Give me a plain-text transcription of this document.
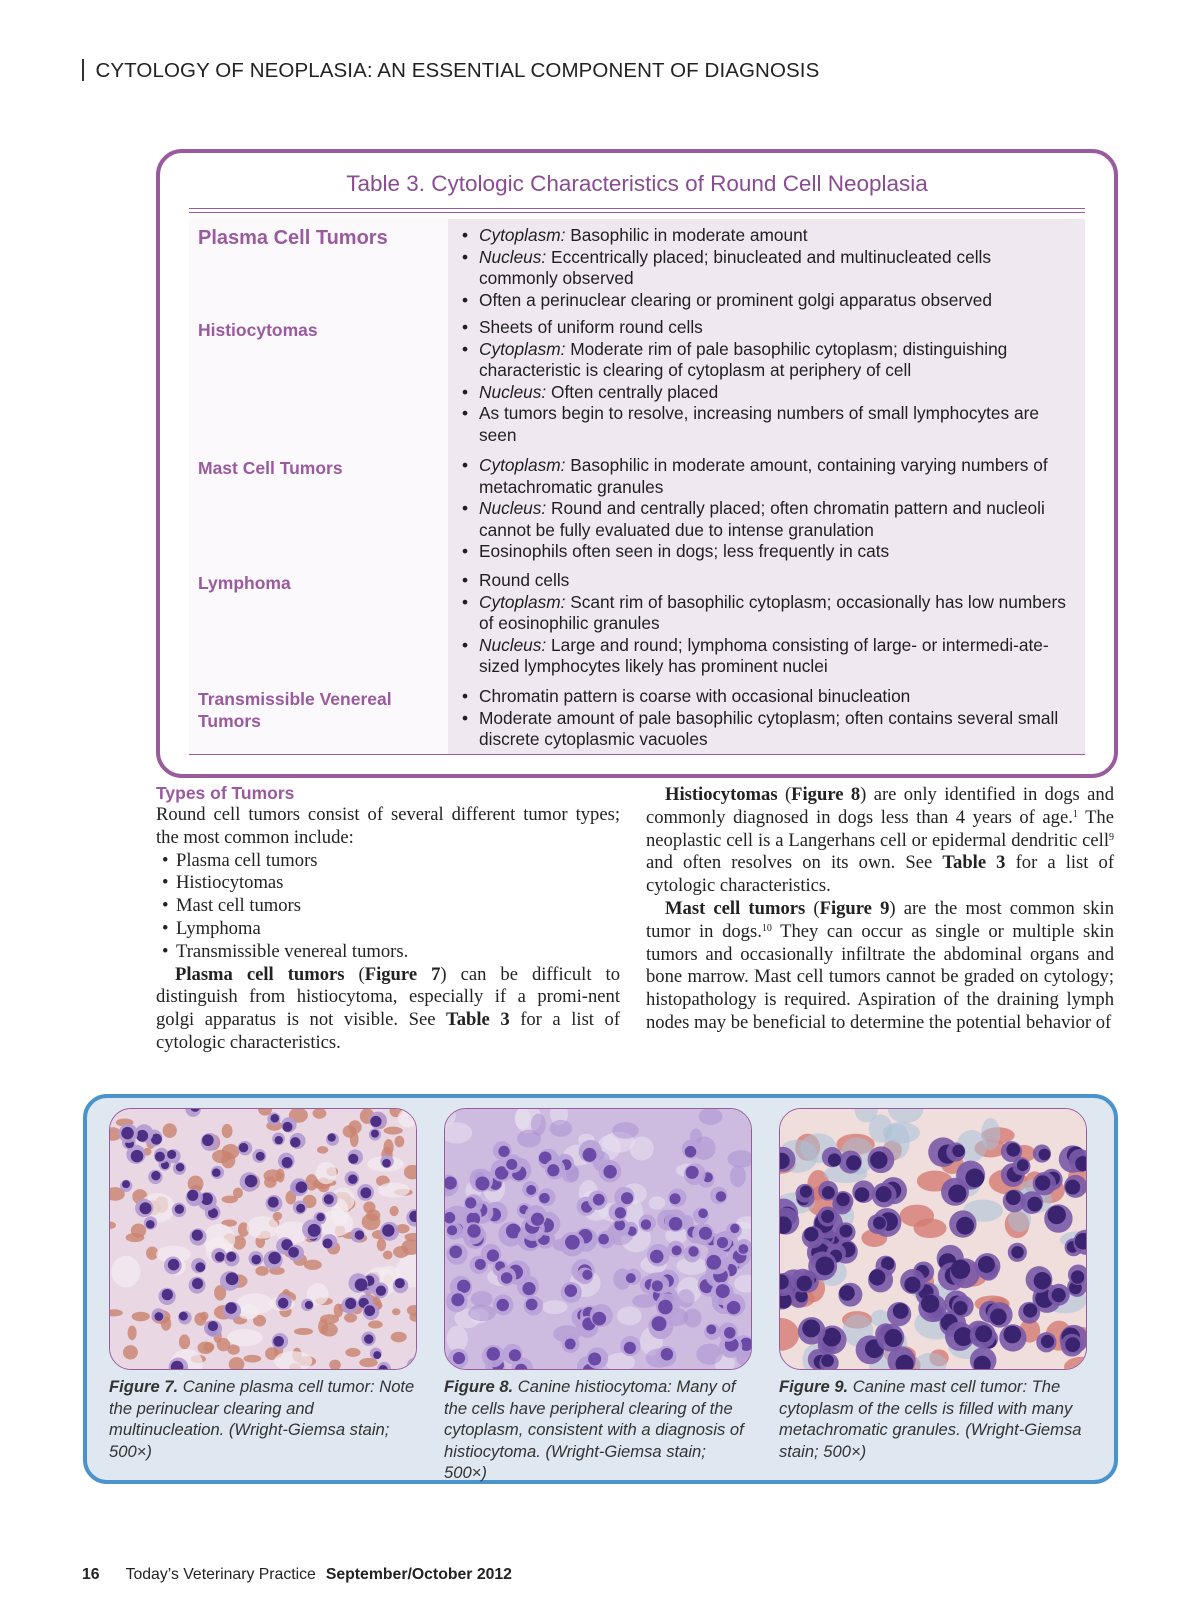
CYTOLOGY OF NEOPLASIA: AN ESSENTIAL COMPONENT OF DIAGNOSIS
Table 3. Cytologic Characteristics of Round Cell Neoplasia
Plasma Cell Tumors	• Cytoplasm: Basophilic in moderate amount
• Nucleus: Eccentrically placed; binucleated and multinucleated cells commonly observed
• Often a perinuclear clearing or prominent golgi apparatus observed
Histiocytomas	• Sheets of uniform round cells
• Cytoplasm: Moderate rim of pale basophilic cytoplasm; distinguishing characteristic is clearing of cytoplasm at periphery of cell
• Nucleus: Often centrally placed
• As tumors begin to resolve, increasing numbers of small lymphocytes are seen
Mast Cell Tumors	• Cytoplasm: Basophilic in moderate amount, containing varying numbers of metachromatic granules
• Nucleus: Round and centrally placed; often chromatin pattern and nucleoli cannot be fully evaluated due to intense granulation
• Eosinophils often seen in dogs; less frequently in cats
Lymphoma	• Round cells
• Cytoplasm: Scant rim of basophilic cytoplasm; occasionally has low numbers of eosinophilic granules
• Nucleus: Large and round; lymphoma consisting of large- or intermedi-ate-sized lymphocytes likely has prominent nuclei
Transmissible Venereal Tumors
• Chromatin pattern is coarse with occasional binucleation
• Moderate amount of pale basophilic cytoplasm; often contains several small discrete cytoplasmic vacuoles
Types of Tumors

Round cell tumors consist of several different tumor types; the most common include:

• Plasma cell tumors
• Histiocytomas
• Mast cell tumors
• Lymphoma
• Transmissible venereal tumors.

Plasma cell tumors (Figure 7) can be difficult to distinguish from histiocytoma, especially if a promi-nent golgi apparatus is not visible. See Table 3 for a list of cytologic characteristics.

Histiocytomas (Figure 8) are only identified in dogs and commonly diagnosed in dogs less than 4 years of age.$^1$ The neoplastic cell is a Langerhans cell or epidermal dendritic cell$^9$ and often resolves on its own. See Table 3 for a list of cytologic characteristics.

Mast cell tumors (Figure 9) are the most common skin tumor in dogs.$^{10}$ They can occur as single or multiple skin tumors and occasionally infiltrate the abdominal organs and bone marrow. Mast cell tumors cannot be graded on cytology; histopathology is required. Aspiration of the draining lymph nodes may be beneficial to determine the potential behavior of

Figure 7. Canine plasma cell tumor: Note the perinuclear clearing and multinucleation. (Wright-Giemsa stain; 500×)
Figure 8. Canine histiocytoma: Many of the cells have peripheral clearing of the cytoplasm, consistent with a diagnosis of histiocytoma. (Wright-Giemsa stain; 500×)
Figure 9. Canine mast cell tumor: The cytoplasm of the cells is filled with many metachromatic granules. (Wright-Giemsa stain; 500×)
16 Today’s Veterinary Practice September/October 2012
